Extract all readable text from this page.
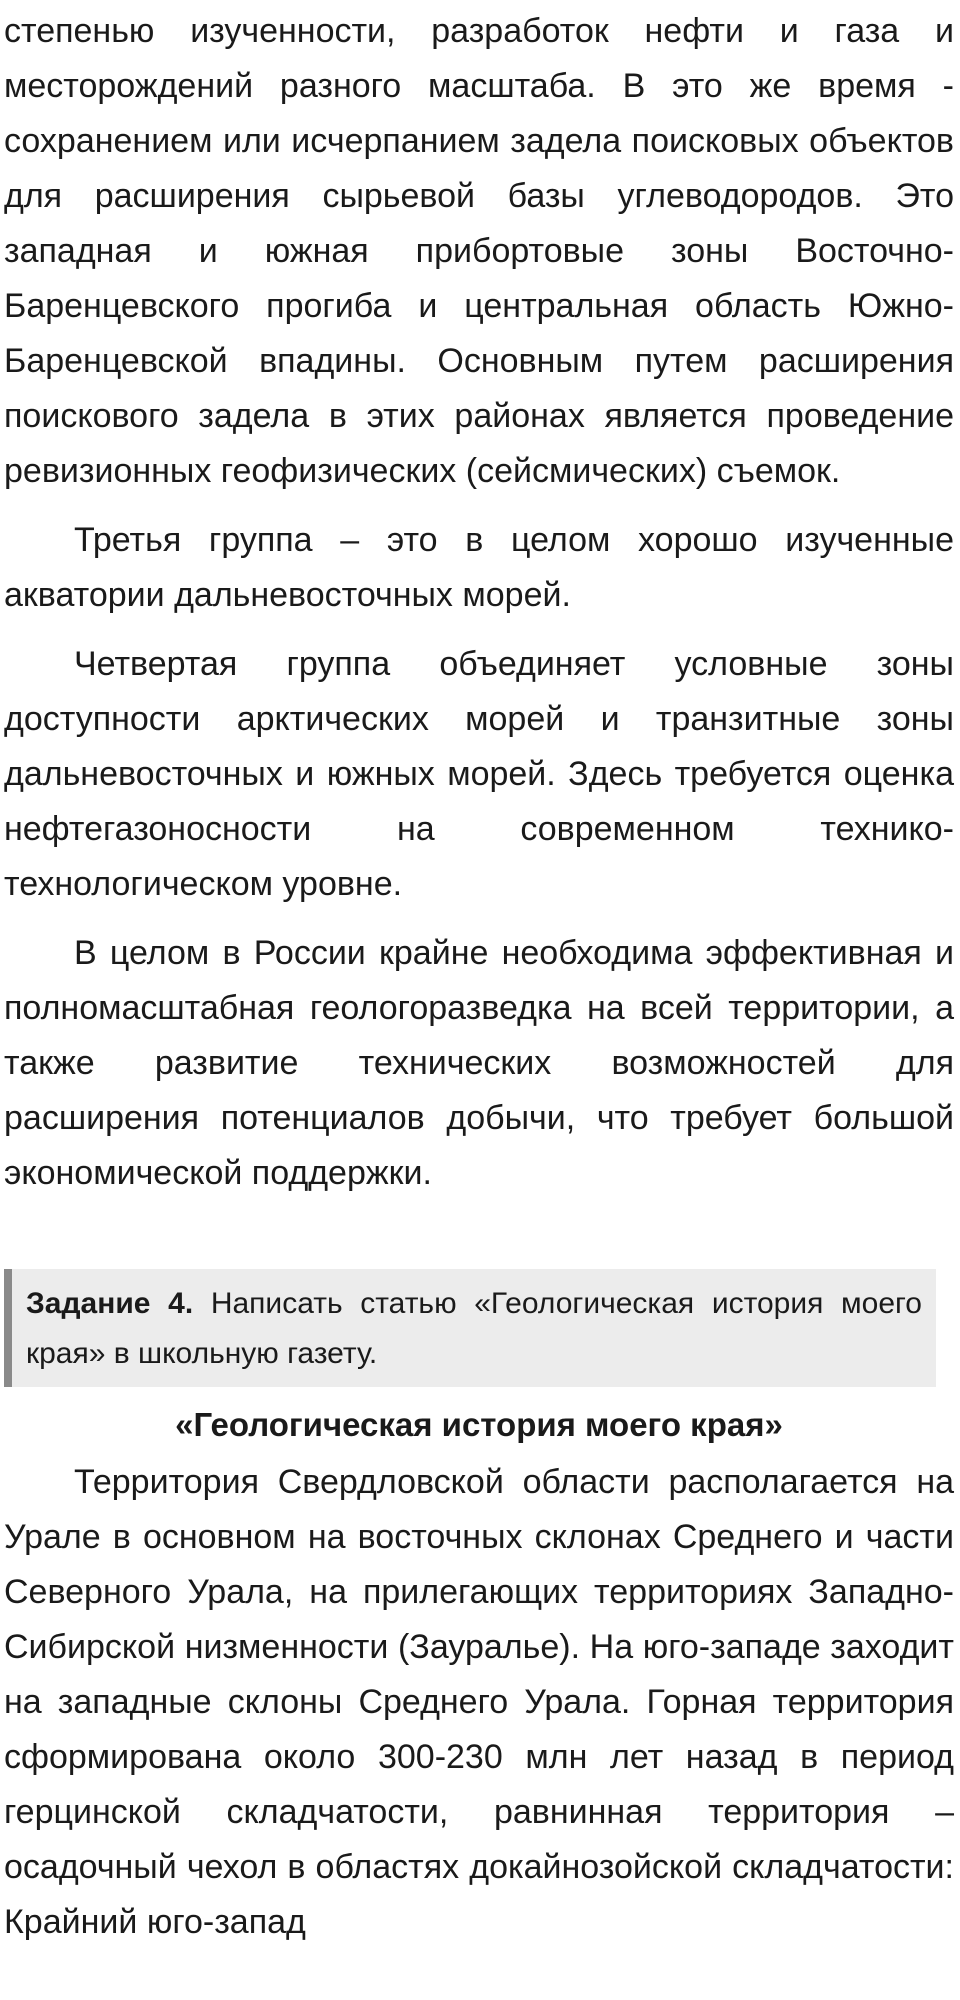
степенью изученности, разработок нефти и газа и месторождений разного масштаба. В это же время - сохранением или исчерпанием задела поисковых объектов для расширения сырьевой базы углеводородов. Это западная и южная прибортовые зоны Восточно-Баренцевского прогиба и центральная область Южно-Баренцевской впадины. Основным путем расширения поискового задела в этих районах является проведение ревизионных геофизических (сейсмических) съемок.

Третья группа – это в целом хорошо изученные акватории дальневосточных морей.

Четвертая группа объединяет условные зоны доступности арктических морей и транзитные зоны дальневосточных и южных морей. Здесь требуется оценка нефтегазоносности на современном технико-технологическом уровне.

В целом в России крайне необходима эффективная и полномасштабная геологоразведка на всей территории, а также развитие технических возможностей для расширения потенциалов добычи, что требует большой экономической поддержки.

Задание 4. Написать статью «Геологическая история моего края» в школьную газету.

«Геологическая история моего края»

Территория Свердловской области располагается на Урале в основном на восточных склонах Среднего и части Северного Урала, на прилегающих территориях Западно-Сибирской низменности (Зауралье). На юго-западе заходит на западные склоны Среднего Урала. Горная территория сформирована около 300-230 млн лет назад в период герцинской складчатости, равнинная территория – осадочный чехол в областях докайнозойской складчатости: Крайний юго-запад
